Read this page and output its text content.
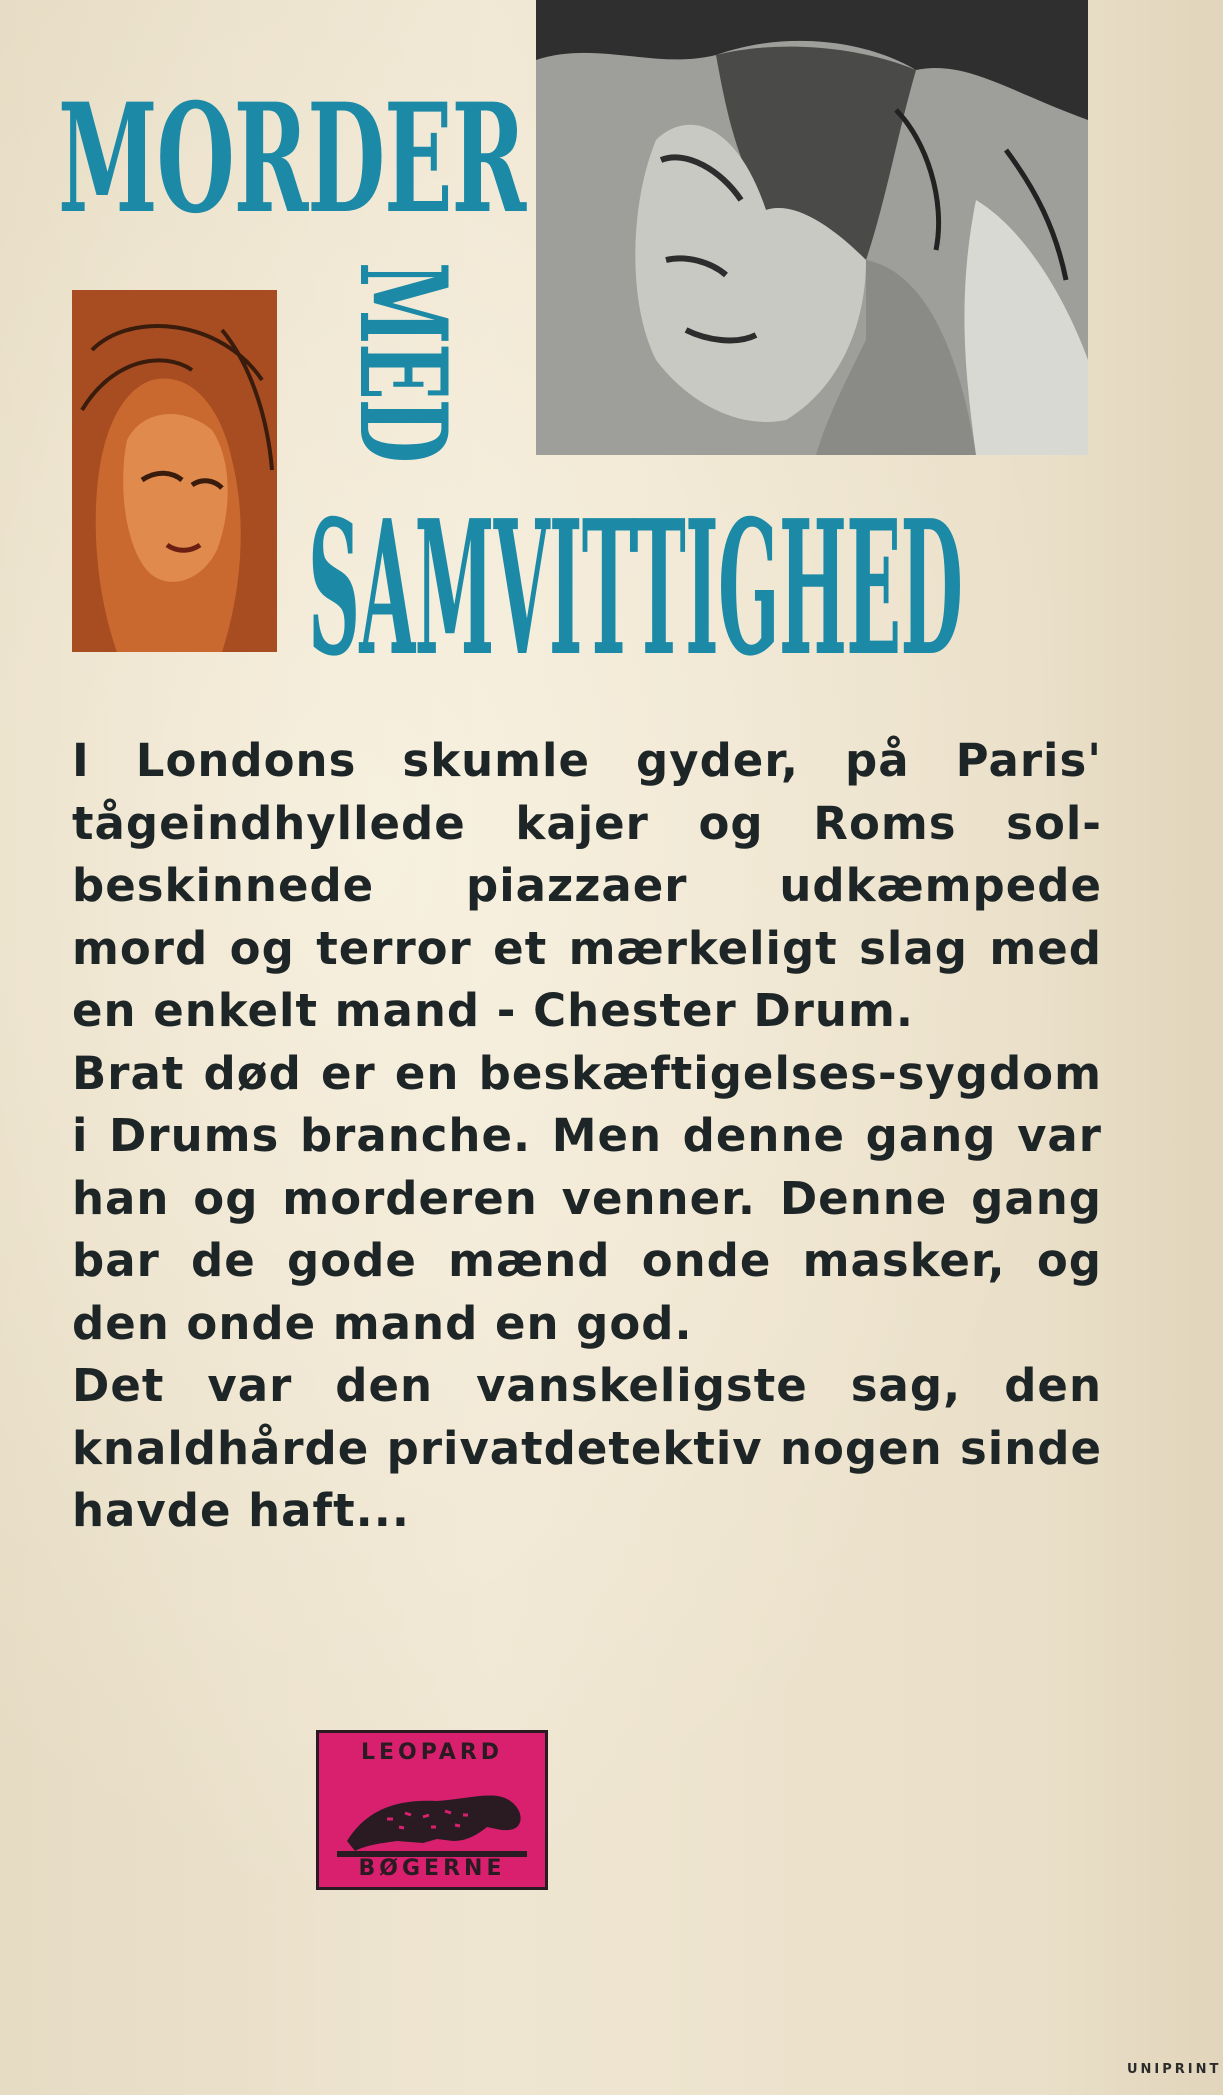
MORDER
MED
SAMVITTIGHED

I Londons skumle gyder, på Paris' tågeindhyllede kajer og Roms sol-beskinnede piazzaer udkæmpede mord og terror et mærkeligt slag med en enkelt mand - Chester Drum.

Brat død er en beskæftigelses-sygdom i Drums branche. Men denne gang var han og morderen venner. Denne gang bar de gode mænd onde masker, og den onde mand en god.

Det var den vanskeligste sag, den knaldhårde privatdetektiv nogen sinde havde haft...

LEOPARD
BØGERNE
UNIPRINT
